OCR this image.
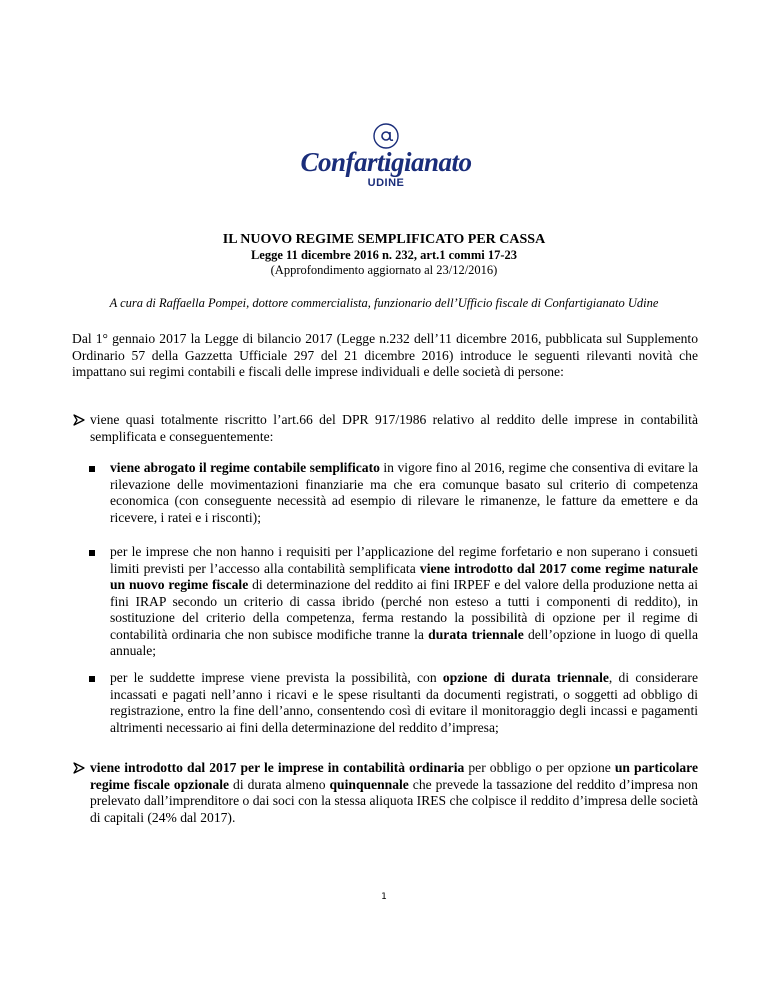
Confartigianato
UDINE
IL NUOVO REGIME SEMPLIFICATO PER CASSA
Legge 11 dicembre 2016 n. 232, art.1 commi 17-23
(Approfondimento aggiornato al 23/12/2016)
A cura di Raffaella Pompei, dottore commercialista, funzionario dell’Ufficio fiscale di Confartigianato Udine
Dal 1° gennaio 2017 la Legge di bilancio 2017 (Legge n.232 dell’11 dicembre 2016, pubblicata sul Supplemento Ordinario 57 della Gazzetta Ufficiale 297 del 21 dicembre 2016) introduce le seguenti rilevanti novità che impattano sui regimi contabili e fiscali delle imprese individuali e delle società di persone:
viene quasi totalmente riscritto l’art.66 del DPR 917/1986 relativo al reddito delle imprese in contabilità semplificata e conseguentemente:
viene abrogato il regime contabile semplificato in vigore fino al 2016, regime che consentiva di evitare la rilevazione delle movimentazioni finanziarie ma che era comunque basato sul criterio di competenza economica (con conseguente necessità ad esempio di rilevare le rimanenze, le fatture da emettere e da ricevere, i ratei e i risconti);
per le imprese che non hanno i requisiti per l’applicazione del regime forfetario e non superano i consueti limiti previsti per l’accesso alla contabilità semplificata viene introdotto dal 2017 come regime naturale un nuovo regime fiscale di determinazione del reddito ai fini IRPEF e del valore della produzione netta ai fini IRAP secondo un criterio di cassa ibrido (perché non esteso a tutti i componenti di reddito), in sostituzione del criterio della competenza, ferma restando la possibilità di opzione per il regime di contabilità ordinaria che non subisce modifiche tranne la durata triennale dell’opzione in luogo di quella annuale;
per le suddette imprese viene prevista la possibilità, con opzione di durata triennale, di considerare incassati e pagati nell’anno i ricavi e le spese risultanti da documenti registrati, o soggetti ad obbligo di registrazione, entro la fine dell’anno, consentendo così di evitare il monitoraggio degli incassi e pagamenti altrimenti necessario ai fini della determinazione del reddito d’impresa;
viene introdotto dal 2017 per le imprese in contabilità ordinaria per obbligo o per opzione un particolare regime fiscale opzionale di durata almeno quinquennale che prevede la tassazione del reddito d’impresa non prelevato dall’imprenditore o dai soci con la stessa aliquota IRES che colpisce il reddito d’impresa delle società di capitali (24% dal 2017).
1
